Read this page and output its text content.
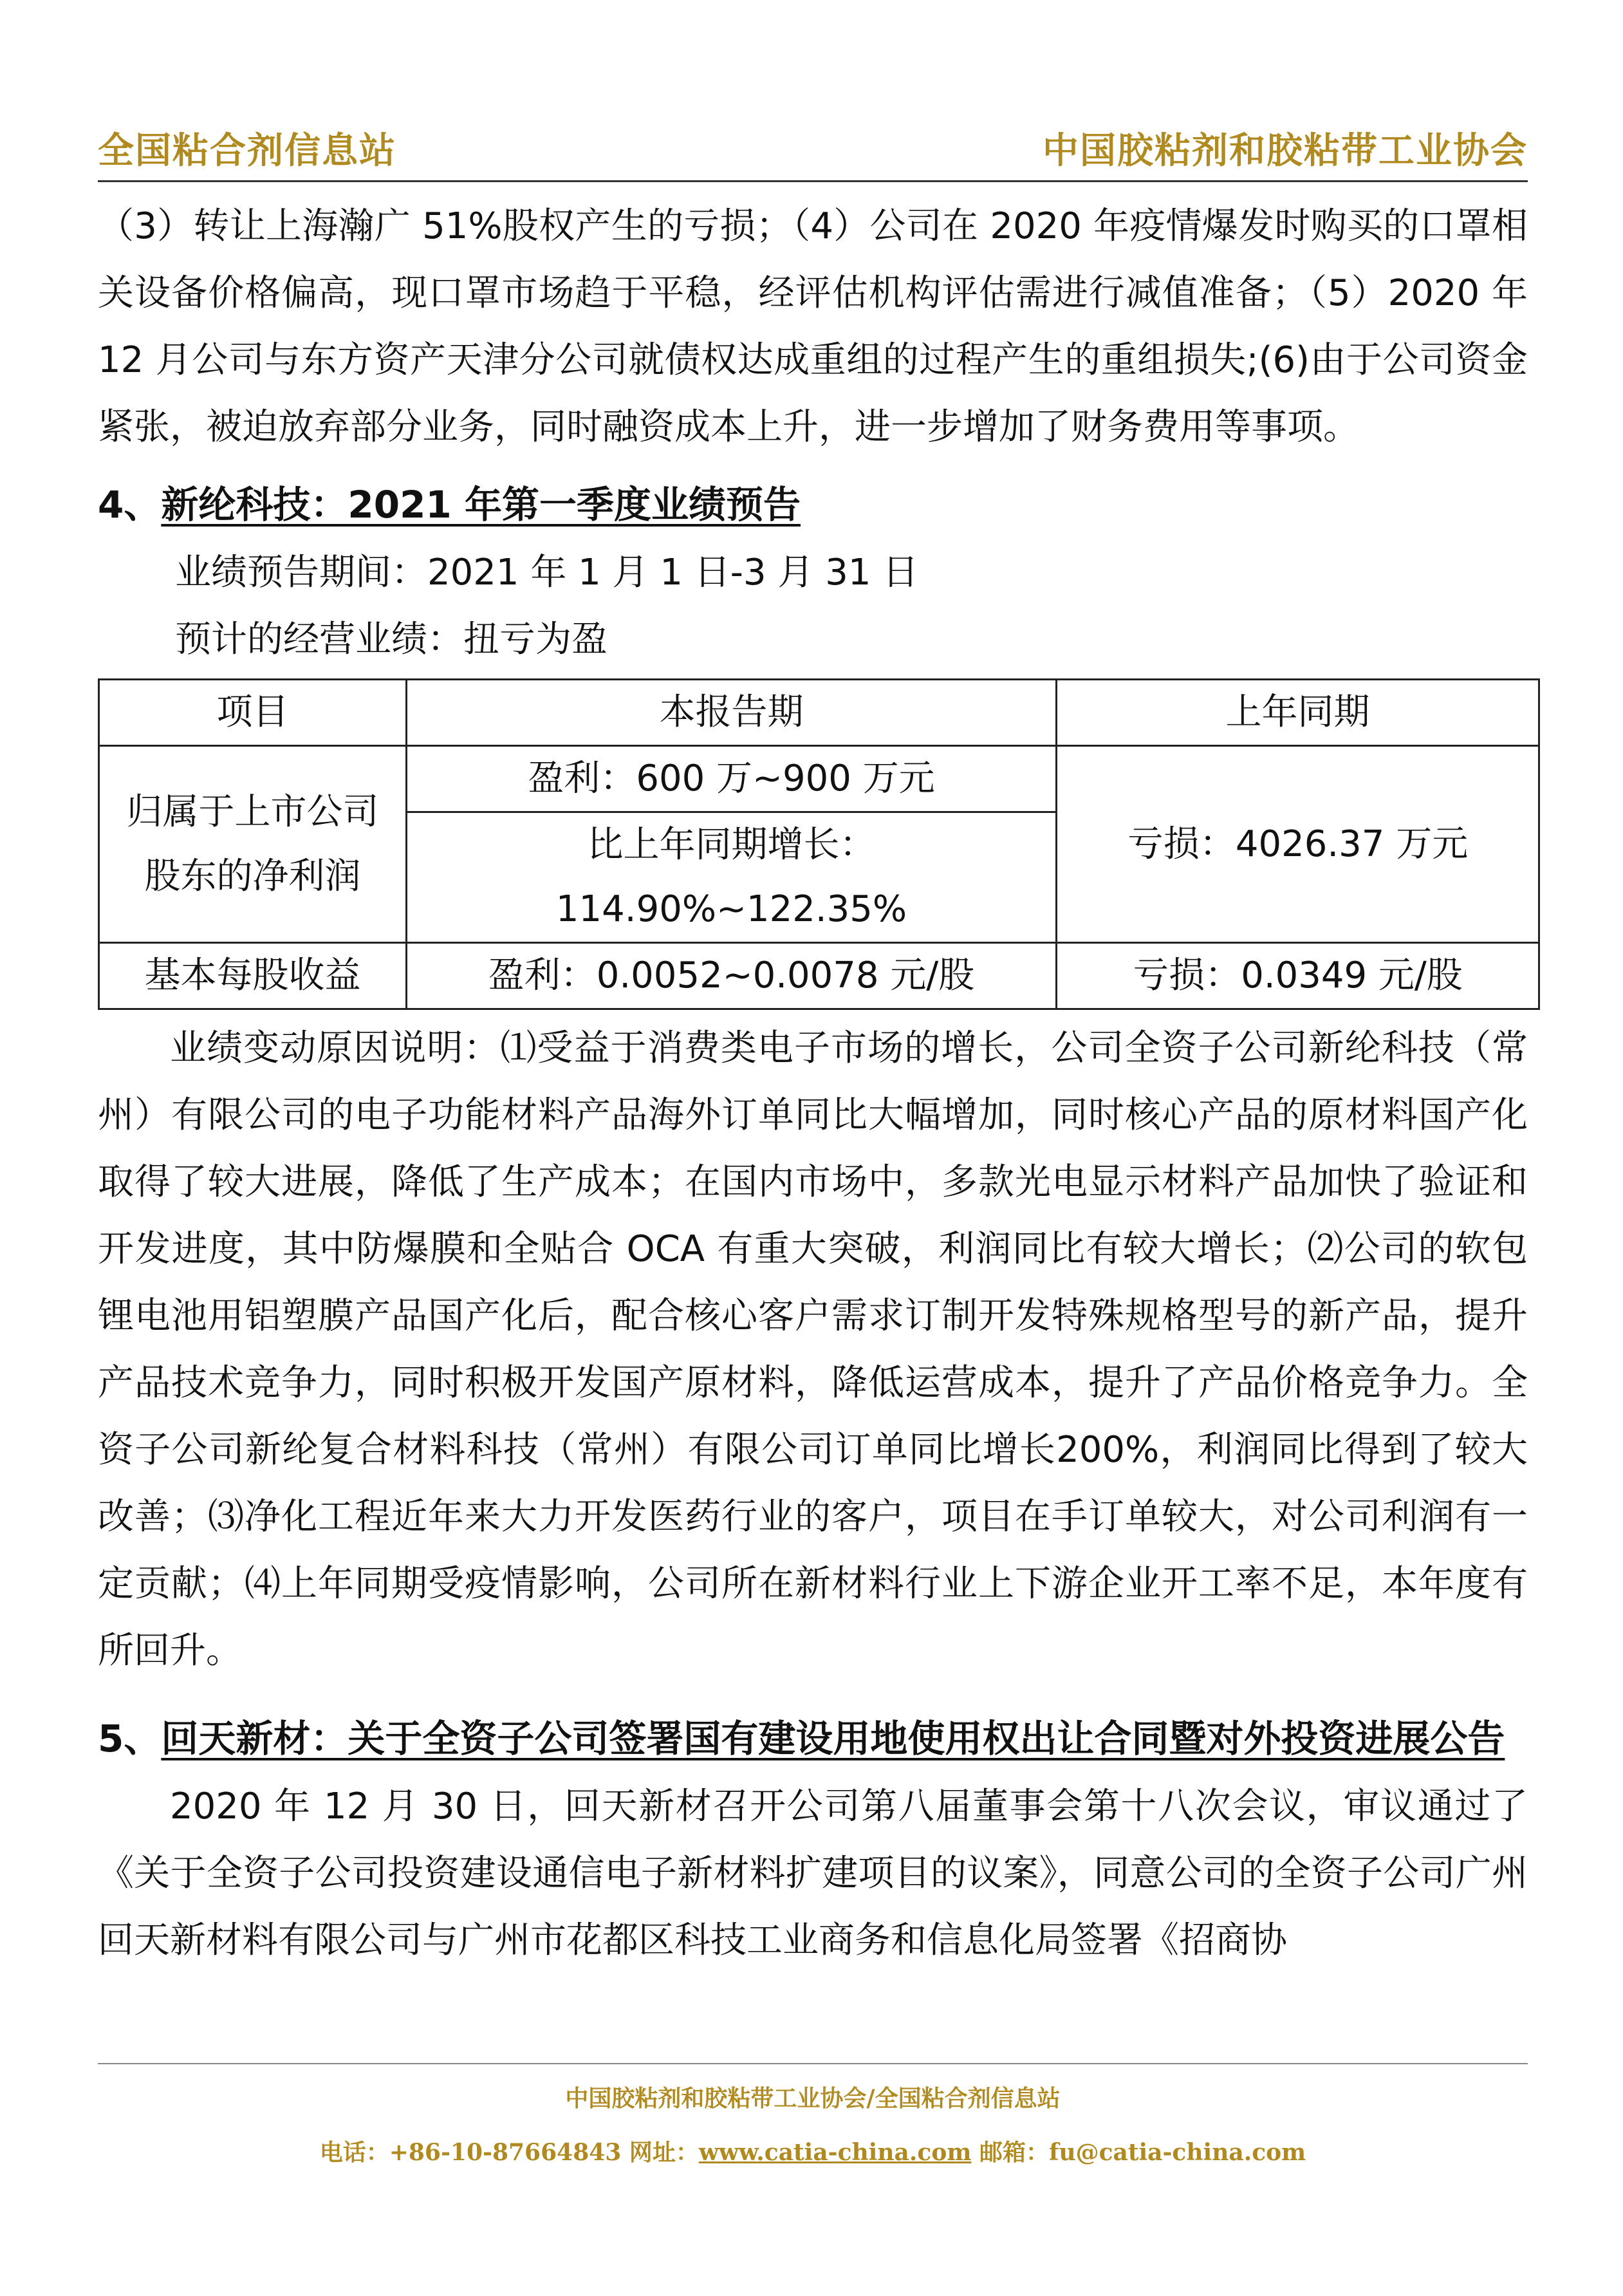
全国粘合剂信息站	中国胶粘剂和胶粘带工业协会

（3）转让上海瀚广 51%股权产生的亏损；（4）公司在 2020 年疫情爆发时购买的口罩相关设备价格偏高，现口罩市场趋于平稳，经评估机构评估需进行减值准备；（5）2020 年 12 月公司与东方资产天津分公司就债权达成重组的过程产生的重组损失;(6)由于公司资金紧张，被迫放弃部分业务，同时融资成本上升，进一步增加了财务费用等事项。

4、新纶科技：2021 年第一季度业绩预告

业绩预告期间：2021 年 1 月 1 日-3 月 31 日

预计的经营业绩：扭亏为盈

项目	本报告期	上年同期

归属于上市公司
股东的净利润	盈利：600 万~900 万元	亏损：4026.37 万元

	比上年同期增长：
114.90%~122.35%	

基本每股收益	盈利：0.0052~0.0078 元/股	亏损：0.0349 元/股

业绩变动原因说明：⑴受益于消费类电子市场的增长，公司全资子公司新纶科技（常州）有限公司的电子功能材料产品海外订单同比大幅增加，同时核心产品的原材料国产化取得了较大进展，降低了生产成本；在国内市场中，多款光电显示材料产品加快了验证和开发进度，其中防爆膜和全贴合 OCA 有重大突破，利润同比有较大增长；⑵公司的软包锂电池用铝塑膜产品国产化后，配合核心客户需求订制开发特殊规格型号的新产品，提升产品技术竞争力，同时积极开发国产原材料，降低运营成本，提升了产品价格竞争力。全资子公司新纶复合材料科技（常州）有限公司订单同比增长200%，利润同比得到了较大改善；⑶净化工程近年来大力开发医药行业的客户，项目在手订单较大，对公司利润有一定贡献；⑷上年同期受疫情影响，公司所在新材料行业上下游企业开工率不足，本年度有所回升。

5、回天新材：关于全资子公司签署国有建设用地使用权出让合同暨对外投资进展公告

2020 年 12 月 30 日，回天新材召开公司第八届董事会第十八次会议，审议通过了《关于全资子公司投资建设通信电子新材料扩建项目的议案》，同意公司的全资子公司广州回天新材料有限公司与广州市花都区科技工业商务和信息化局签署《招商协

中国胶粘剂和胶粘带工业协会/全国粘合剂信息站
电话：+86-10-87664843 网址：www.catia-china.com 邮箱：fu@catia-china.com
